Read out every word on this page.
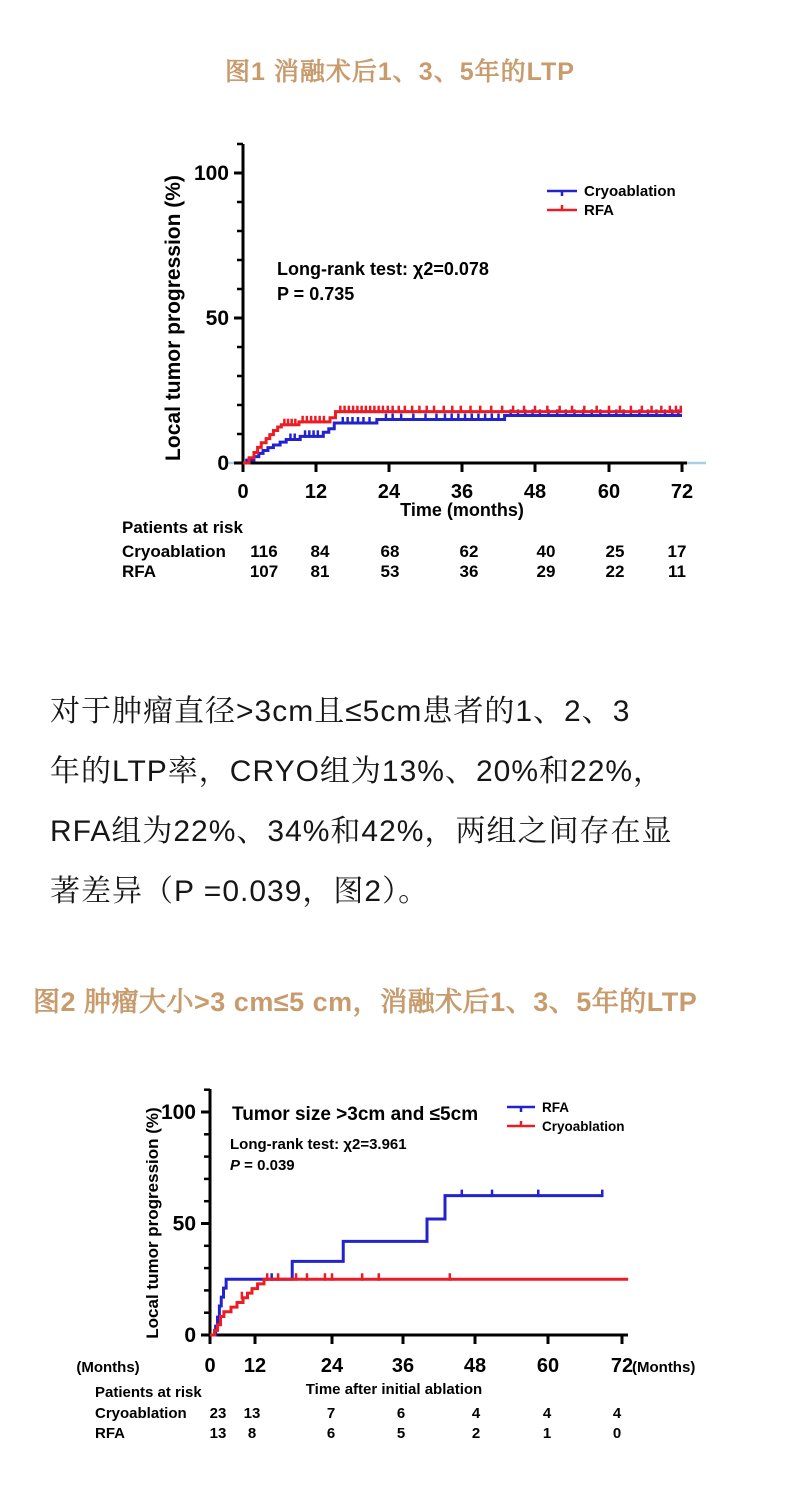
图1 消融术后1、3、5年的LTP
0	12	24	36	48	60	72
0
50
100
Time (months)
Local tumor progression (%)	Long-rank test: χ2=0.078
P = 0.735
Cryoablation
RFA
Patients at risk
Cryoablation 116 84	68	62	40	25	17
RFA	107 81	53	36	29	22	11
对于肿瘤直径>3cm且≤5cm患者的1、2、3
年的LTP率，CRYO组为13%、20%和22%，
RFA组为22%、34%和42%，两组之间存在显
著差异（P =0.039，图2）。
图2 肿瘤大小>3 cm≤5 cm，消融术后1、3、5年的LTP
0 12	24 36 48	60	72
0
50
100
Time after initial ablation
Local tumor progression (%)
(Months)	(Months)
Tumor size >3cm and ≤5cm
Long-rank test: χ2=3.961
P = 0.039
RFA
Cryoablation
Patients at risk
Cryoablation 23 13	7	6	4	4	4
RFA	13 8	6	5	2	1	0
